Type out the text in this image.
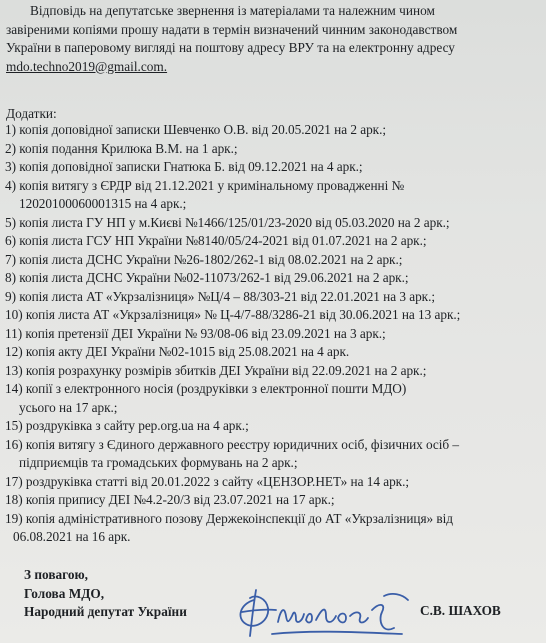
Відповідь на депутатське звернення із матеріалами та належним чином
завіреними копіями прошу надати в термін визначений чинним законодавством
України в паперовому вигляді на поштову адресу ВРУ та на електронну адресу
mdo.techno2019@gmail.com.
Додатки:
1) копія доповідної записки Шевченко О.В. від 20.05.2021 на 2 арк.;
2) копія подання Крилюка В.М. на 1 арк.;
3) копія доповідної записки Гнатюка Б. від 09.12.2021 на 4 арк.;
4) копія витягу з ЄРДР від 21.12.2021 у кримінальному провадженні №
12020100060001315 на 4 арк.;
5) копія листа ГУ НП у м.Києві №1466/125/01/23-2020 від 05.03.2020 на 2 арк.;
6) копія листа ГСУ НП України №8140/05/24-2021 від 01.07.2021 на 2 арк.;
7) копія листа ДСНС України №26-1802/262-1 від 08.02.2021 на 2 арк.;
8) копія листа ДСНС України №02-11073/262-1 від 29.06.2021 на 2 арк.;
9) копія листа АТ «Укрзалізниця» №Ц/4 – 88/303-21 від 22.01.2021 на 3 арк.;
10) копія листа АТ «Укрзалізниця» № Ц-4/7-88/3286-21 від 30.06.2021 на 13 арк.;
11) копія претензії ДЕІ України № 93/08-06 від 23.09.2021 на 3 арк.;
12) копія акту ДЕІ України №02-1015 від 25.08.2021 на 4 арк.
13) копія розрахунку розмірів збитків ДЕІ України від 22.09.2021 на 2 арк.;
14) копії з електронного носія (роздруківки з електронної пошти МДО)
усього на 17 арк.;
15) роздруківка з сайту pep.org.ua на 4 арк.;
16) копія витягу з Єдиного державного реєстру юридичних осіб, фізичних осіб –
підприємців та громадських формувань на 2 арк.;
17) роздруківка статті від 20.01.2022 з сайту «ЦЕНЗОР.НЕТ» на 14 арк.;
18) копія припису ДЕІ №4.2-20/3 від 23.07.2021 на 17 арк.;
19) копія адміністративного позову Держекоінспекції до АТ «Укрзалізниця» від
06.08.2021 на 16 арк.
З повагою,
Голова МДО,
Народний депутат України	С.В. ШАХОВ
